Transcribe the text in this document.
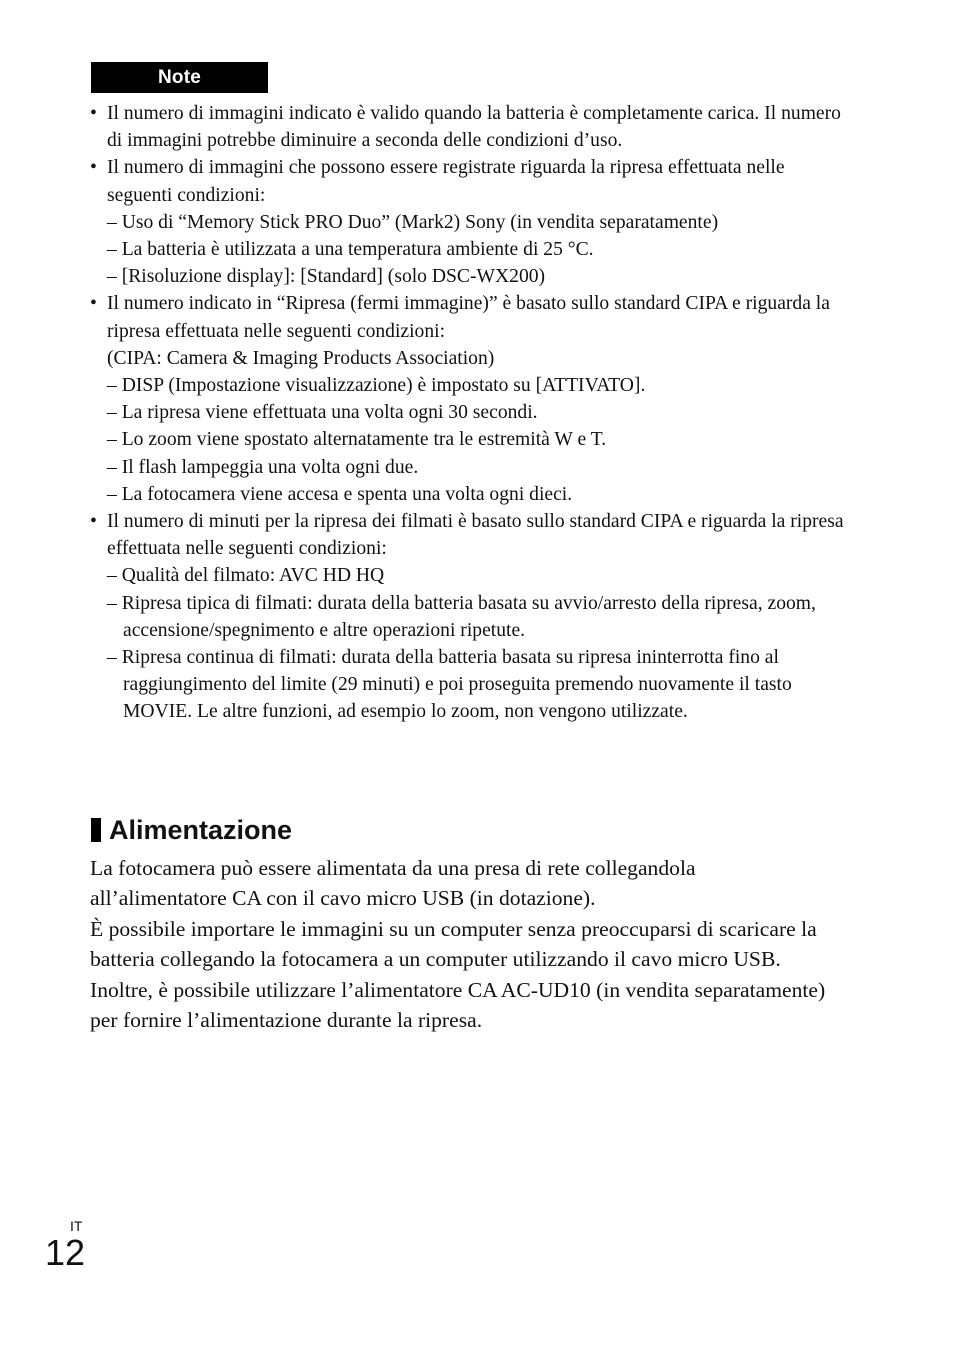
Note
• Il numero di immagini indicato è valido quando la batteria è completamente carica. Il numero di immagini potrebbe diminuire a seconda delle condizioni d’uso.
• Il numero di immagini che possono essere registrate riguarda la ripresa effettuata nelle seguenti condizioni:
– Uso di “Memory Stick PRO Duo” (Mark2) Sony (in vendita separatamente)
– La batteria è utilizzata a una temperatura ambiente di 25 °C.
– [Risoluzione display]: [Standard] (solo DSC-WX200)
• Il numero indicato in “Ripresa (fermi immagine)” è basato sullo standard CIPA e riguarda la ripresa effettuata nelle seguenti condizioni:
(CIPA: Camera & Imaging Products Association)
– DISP (Impostazione visualizzazione) è impostato su [ATTIVATO].
– La ripresa viene effettuata una volta ogni 30 secondi.
– Lo zoom viene spostato alternatamente tra le estremità W e T.
– Il flash lampeggia una volta ogni due.
– La fotocamera viene accesa e spenta una volta ogni dieci.
• Il numero di minuti per la ripresa dei filmati è basato sullo standard CIPA e riguarda la ripresa effettuata nelle seguenti condizioni:
– Qualità del filmato: AVC HD HQ
– Ripresa tipica di filmati: durata della batteria basata su avvio/arresto della ripresa, zoom, accensione/spegnimento e altre operazioni ripetute.
– Ripresa continua di filmati: durata della batteria basata su ripresa ininterrotta fino al raggiungimento del limite (29 minuti) e poi proseguita premendo nuovamente il tasto MOVIE. Le altre funzioni, ad esempio lo zoom, non vengono utilizzate.
Alimentazione

La fotocamera può essere alimentata da una presa di rete collegandola all’alimentatore CA con il cavo micro USB (in dotazione).

È possibile importare le immagini su un computer senza preoccuparsi di scaricare la batteria collegando la fotocamera a un computer utilizzando il cavo micro USB.

Inoltre, è possibile utilizzare l’alimentatore CA AC-UD10 (in vendita separatamente) per fornire l’alimentazione durante la ripresa.

IT
12
